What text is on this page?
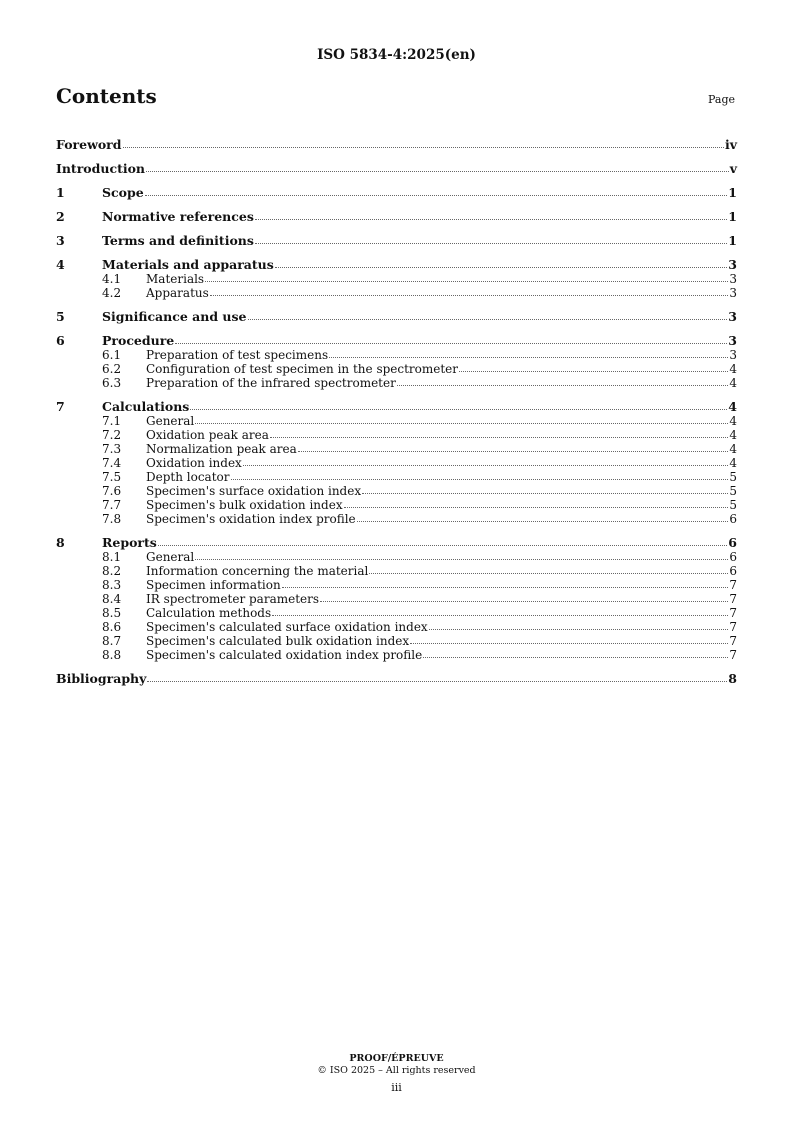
ISO 5834-4:2025(en)
Contents	Page
Foreword	iv
Introduction	v
1	Scope	1
2	Normative references	1
3	Terms and definitions	1
4	Materials and apparatus	3
4.1	Materials	3
4.2	Apparatus	3
5	Significance and use	3
6	Procedure	3
6.1	Preparation of test specimens	3
6.2	Configuration of test specimen in the spectrometer	4
6.3	Preparation of the infrared spectrometer	4
7	Calculations	4
7.1	General	4
7.2	Oxidation peak area	4
7.3	Normalization peak area	4
7.4	Oxidation index	4
7.5	Depth locator	5
7.6	Specimen's surface oxidation index	5
7.7	Specimen's bulk oxidation index	5
7.8	Specimen's oxidation index profile	6
8	Reports	6
8.1	General	6
8.2	Information concerning the material	6
8.3	Specimen information	7
8.4	IR spectrometer parameters	7
8.5	Calculation methods	7
8.6	Specimen's calculated surface oxidation index	7
8.7	Specimen's calculated bulk oxidation index	7
8.8	Specimen's calculated oxidation index profile	7
Bibliography	8
PROOF/ÉPREUVE
© ISO 2025 – All rights reserved
iii
